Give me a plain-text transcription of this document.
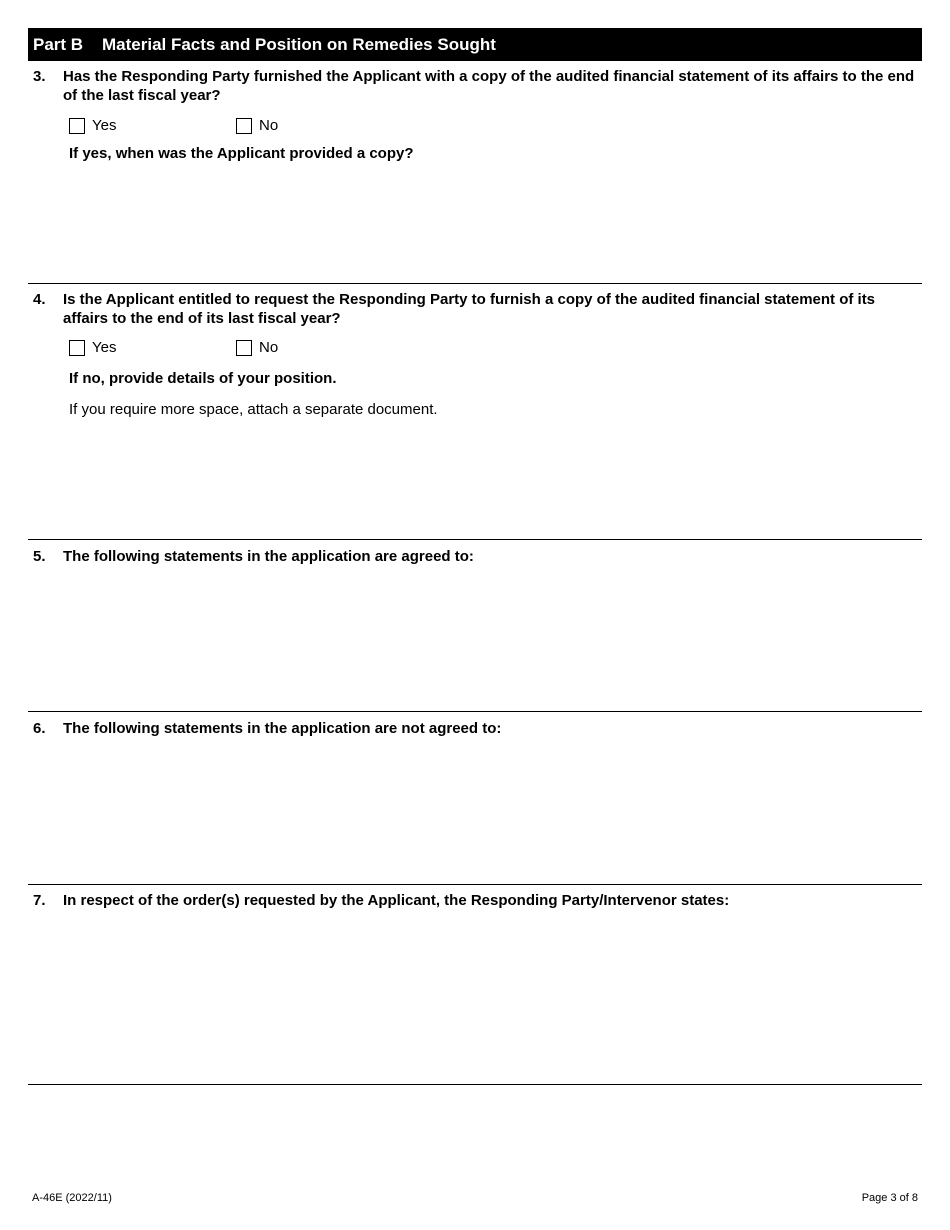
Part B Material Facts and Position on Remedies Sought
3. Has the Responding Party furnished the Applicant with a copy of the audited financial statement of its affairs to the end of the last fiscal year?
Yes	No
If yes, when was the Applicant provided a copy?
4. Is the Applicant entitled to request the Responding Party to furnish a copy of the audited financial statement of its affairs to the end of its last fiscal year?
Yes	No
If no, provide details of your position.
If you require more space, attach a separate document.
5. The following statements in the application are agreed to:
6. The following statements in the application are not agreed to:
7. In respect of the order(s) requested by the Applicant, the Responding Party/Intervenor states:
A-46E (2022/11)	Page 3 of 8
